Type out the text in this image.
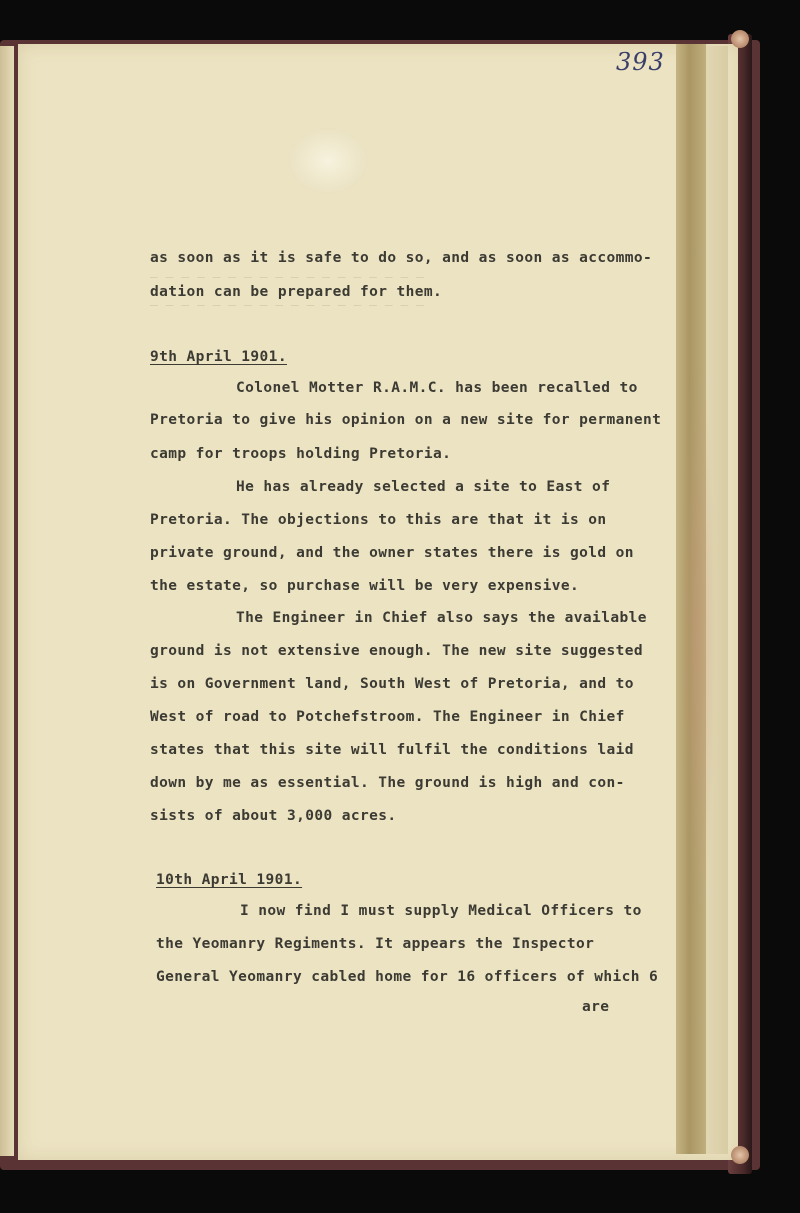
— — — — — — — — — — — — — — — — — —
— — — — — — — — — — — — — — — — — —
393
as soon as it is safe to do so, and as soon as accommo-
dation can be prepared for them.
9th April 1901.
Colonel Motter R.A.M.C. has been recalled to
Pretoria to give his opinion on a new site for permanent
camp for troops holding Pretoria.
He has already selected a site to East of
Pretoria. The objections to this are that it is on
private ground, and the owner states there is gold on
the estate, so purchase will be very expensive.
The Engineer in Chief also says the available
ground is not extensive enough. The new site suggested
is on Government land, South West of Pretoria, and to
West of road to Potchefstroom. The Engineer in Chief
states that this site will fulfil the conditions laid
down by me as essential. The ground is high and con-
sists of about 3,000 acres.
10th April 1901.
I now find I must supply Medical Officers to
the Yeomanry Regiments. It appears the Inspector
General Yeomanry cabled home for 16 officers of which 6
are
